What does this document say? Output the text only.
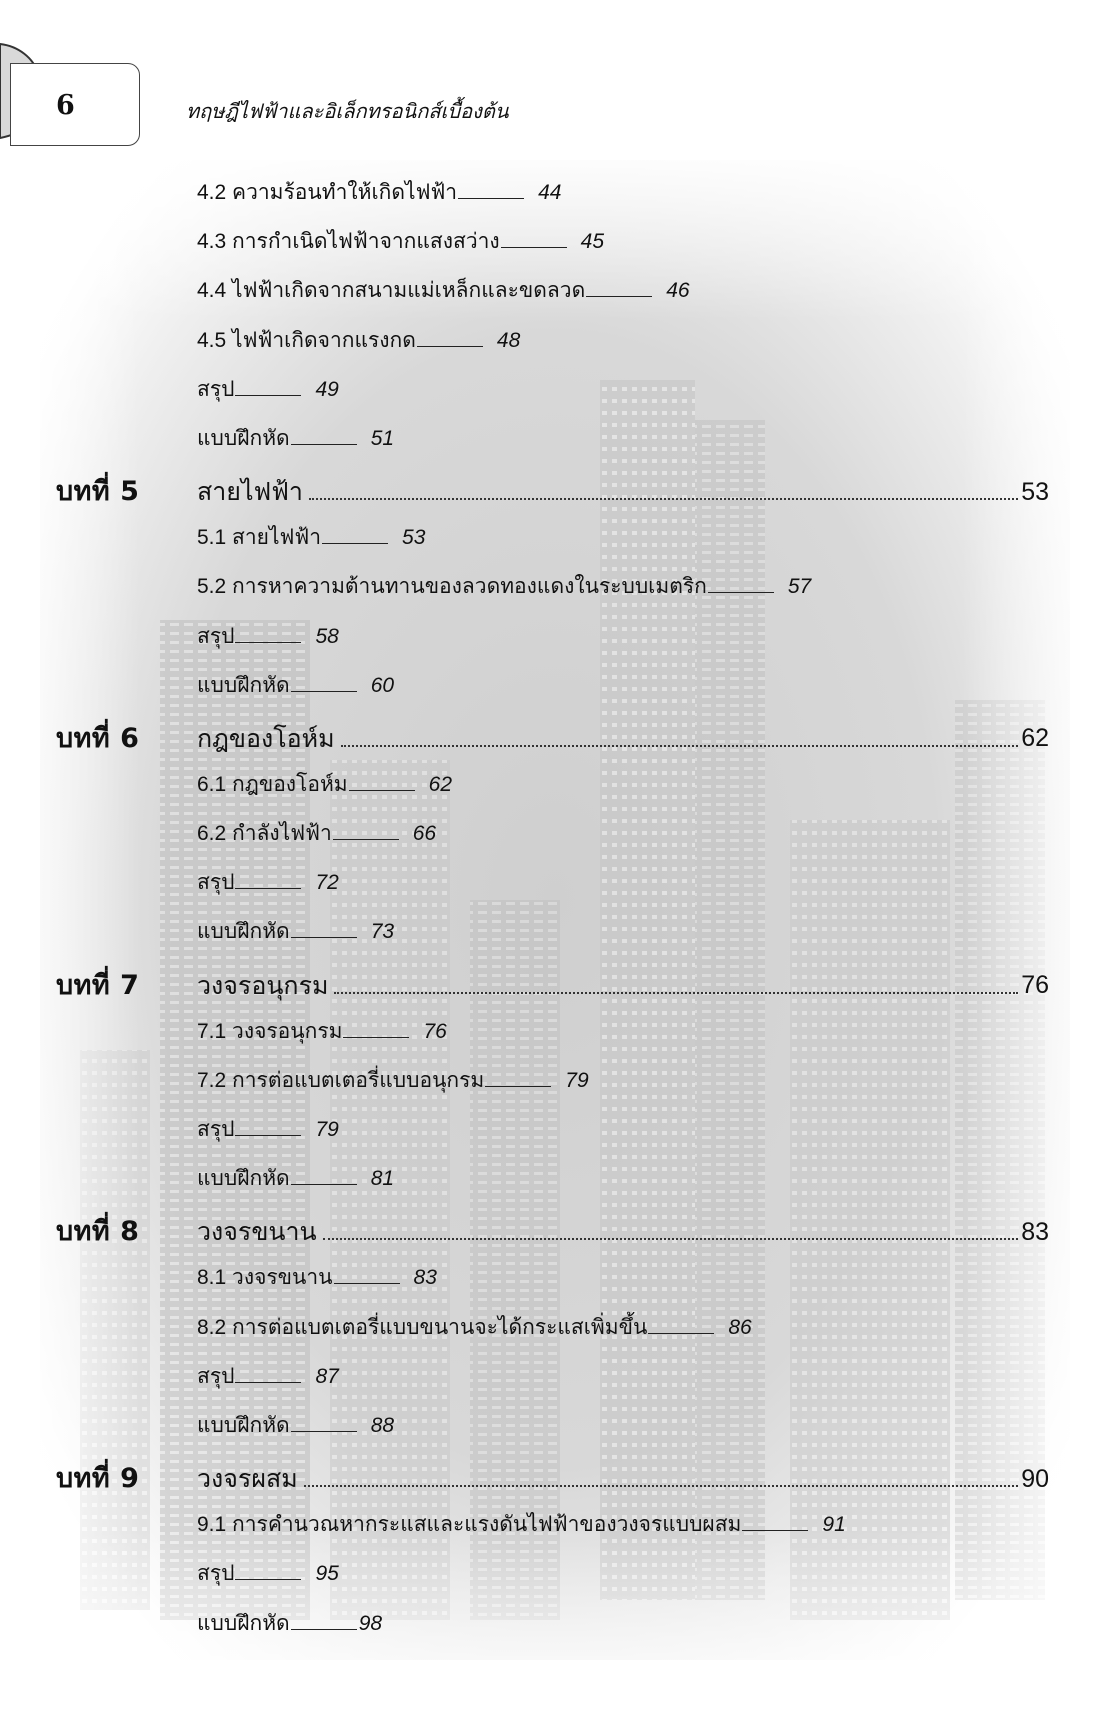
6	ทฤษฎีไฟฟ้าและอิเล็กทรอนิกส์เบื้องต้น
4.2 ความร้อนทำให้เกิดไฟฟ้า	44
4.3 การกำเนิดไฟฟ้าจากแสงสว่าง	45
4.4 ไฟฟ้าเกิดจากสนามแม่เหล็กและขดลวด	46
4.5 ไฟฟ้าเกิดจากแรงกด	48
สรุป	49
แบบฝึกหัด	51
บทที่ 5 สายไฟฟ้า	53
5.1 สายไฟฟ้า	53
5.2 การหาความต้านทานของลวดทองแดงในระบบเมตริก	57
สรุป	58
แบบฝึกหัด	60
บทที่ 6 กฎของโอห์ม	62
6.1 กฎของโอห์ม	62
6.2 กำลังไฟฟ้า	66
สรุป	72
แบบฝึกหัด	73
บทที่ 7 วงจรอนุกรม	76
7.1 วงจรอนุกรม	76
7.2 การต่อแบตเตอรี่แบบอนุกรม	79
สรุป	79
แบบฝึกหัด	81
บทที่ 8 วงจรขนาน	83
8.1 วงจรขนาน	83
8.2 การต่อแบตเตอรี่แบบขนานจะได้กระแสเพิ่มขึ้น	86
สรุป	87
แบบฝึกหัด	88
บทที่ 9 วงจรผสม	90
9.1 การคำนวณหากระแสและแรงดันไฟฟ้าของวงจรแบบผสม	91
สรุป	95
แบบฝึกหัด	98
